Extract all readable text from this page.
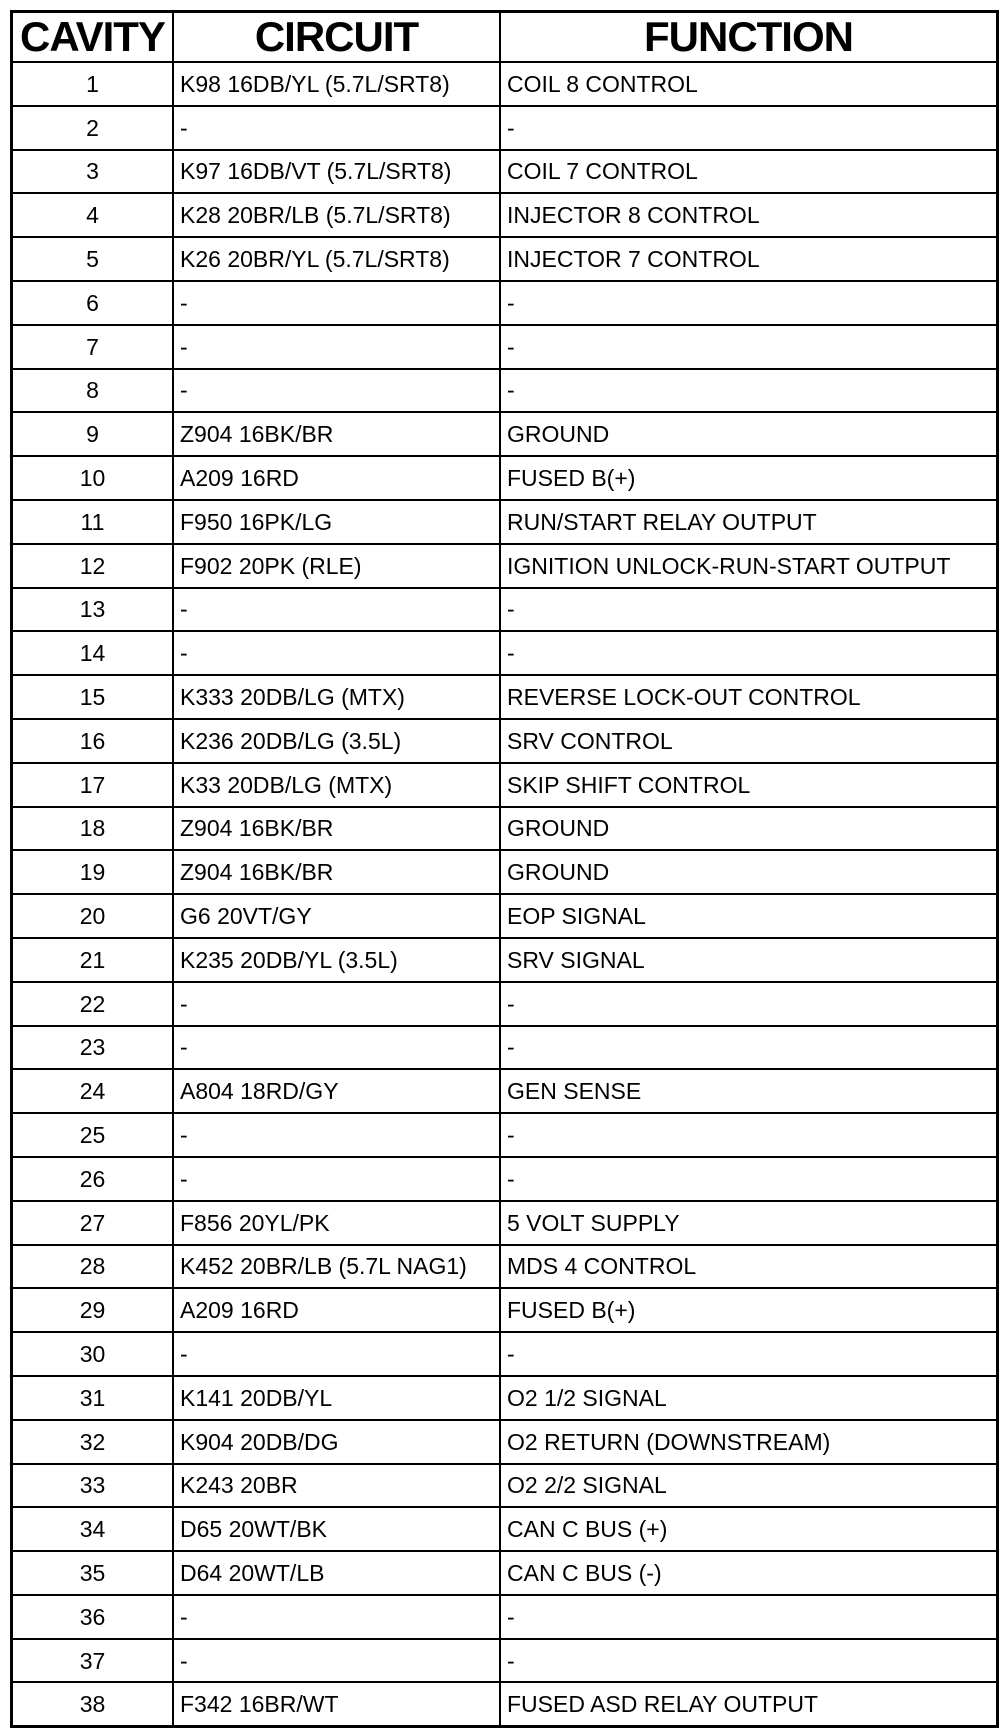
CAVITY	CIRCUIT	FUNCTION
1	K98 16DB/YL (5.7L/SRT8)	COIL 8 CONTROL
2	-	-
3	K97 16DB/VT (5.7L/SRT8)	COIL 7 CONTROL
4	K28 20BR/LB (5.7L/SRT8)	INJECTOR 8 CONTROL
5	K26 20BR/YL (5.7L/SRT8)	INJECTOR 7 CONTROL
6	-	-
7	-	-
8	-	-
9	Z904 16BK/BR	GROUND
10	A209 16RD	FUSED B(+)
11	F950 16PK/LG	RUN/START RELAY OUTPUT
12	F902 20PK (RLE)	IGNITION UNLOCK-RUN-START OUTPUT
13	-	-
14	-	-
15	K333 20DB/LG (MTX)	REVERSE LOCK-OUT CONTROL
16	K236 20DB/LG (3.5L)	SRV CONTROL
17	K33 20DB/LG (MTX)	SKIP SHIFT CONTROL
18	Z904 16BK/BR	GROUND
19	Z904 16BK/BR	GROUND
20	G6 20VT/GY	EOP SIGNAL
21	K235 20DB/YL (3.5L)	SRV SIGNAL
22	-	-
23	-	-
24	A804 18RD/GY	GEN SENSE
25	-	-
26	-	-
27	F856 20YL/PK	5 VOLT SUPPLY
28	K452 20BR/LB (5.7L NAG1)	MDS 4 CONTROL
29	A209 16RD	FUSED B(+)
30	-	-
31	K141 20DB/YL	O2 1/2 SIGNAL
32	K904 20DB/DG	O2 RETURN (DOWNSTREAM)
33	K243 20BR	O2 2/2 SIGNAL
34	D65 20WT/BK	CAN C BUS (+)
35	D64 20WT/LB	CAN C BUS (-)
36	-	-
37	-	-
38	F342 16BR/WT	FUSED ASD RELAY OUTPUT
